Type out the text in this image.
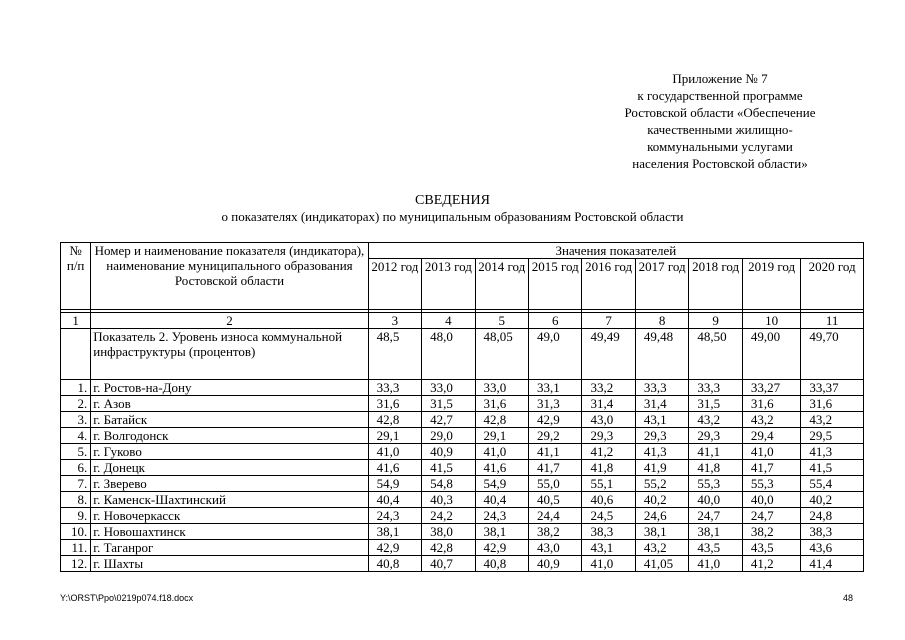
Приложение № 7
к государственной программе
Ростовской области «Обеспечение
качественными жилищно-
коммунальными услугами
населения Ростовской области»
СВЕДЕНИЯ
о показателях (индикаторах) по муниципальным образованиям Ростовской области
№ п/п	Номер и наименование показателя (индикатора), наименование муниципального образования Ростовской области	Значения показателей								
		2012 год	2013 год	2014 год	2015 год	2016 год	2017 год	2018 год	2019 год	2020 год

1	2	3	4	5	6	7	8	9	10	11
	Показатель 2. Уровень износа коммунальной инфраструктуры (процентов)	48,5	48,0	48,05	49,0	49,49	49,48	48,50	49,00	49,70
1.	г. Ростов-на-Дону	33,3	33,0	33,0	33,1	33,2	33,3	33,3	33,27	33,37
2.	г. Азов	31,6	31,5	31,6	31,3	31,4	31,4	31,5	31,6	31,6
3.	г. Батайск	42,8	42,7	42,8	42,9	43,0	43,1	43,2	43,2	43,2
4.	г. Волгодонск	29,1	29,0	29,1	29,2	29,3	29,3	29,3	29,4	29,5
5.	г. Гуково	41,0	40,9	41,0	41,1	41,2	41,3	41,1	41,0	41,3
6.	г. Донецк	41,6	41,5	41,6	41,7	41,8	41,9	41,8	41,7	41,5
7.	г. Зверево	54,9	54,8	54,9	55,0	55,1	55,2	55,3	55,3	55,4
8.	г. Каменск-Шахтинский	40,4	40,3	40,4	40,5	40,6	40,2	40,0	40,0	40,2
9.	г. Новочеркасск	24,3	24,2	24,3	24,4	24,5	24,6	24,7	24,7	24,8
10.	г. Новошахтинск	38,1	38,0	38,1	38,2	38,3	38,1	38,1	38,2	38,3
11.	г. Таганрог	42,9	42,8	42,9	43,0	43,1	43,2	43,5	43,5	43,6
12.	г. Шахты	40,8	40,7	40,8	40,9	41,0	41,05	41,0	41,2	41,4
Y:\ORST\Ppo\0219p074.f18.docx	48
